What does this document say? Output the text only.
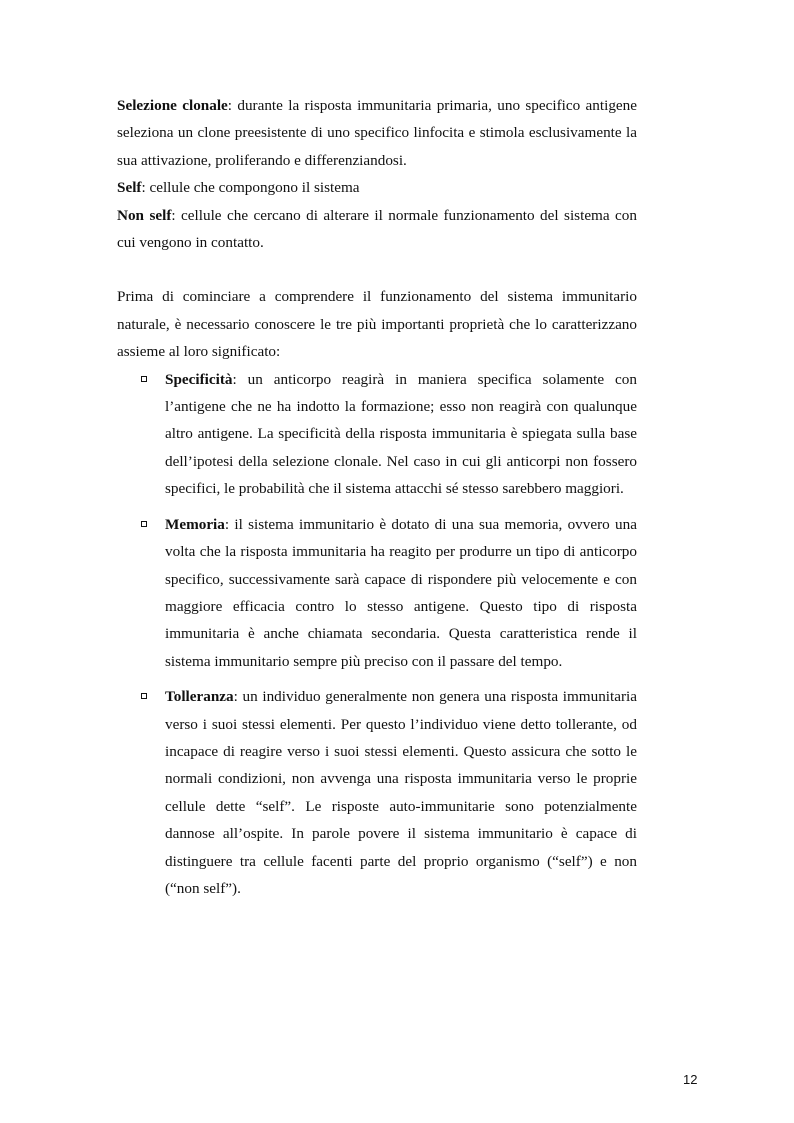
Selezione clonale: durante la risposta immunitaria primaria, uno specifico antigene seleziona un clone preesistente di uno specifico linfocita e stimola esclusivamente la sua attivazione, proliferando e differenziandosi.

Self: cellule che compongono il sistema

Non self: cellule che cercano di alterare il normale funzionamento del sistema con cui vengono in contatto.

Prima di cominciare a comprendere il funzionamento del sistema immunitario naturale, è necessario conoscere le tre più importanti proprietà che lo caratterizzano assieme al loro significato:

Specificità: un anticorpo reagirà in maniera specifica solamente con l’antigene che ne ha indotto la formazione; esso non reagirà con qualunque altro antigene. La specificità della risposta immunitaria è spiegata sulla base dell’ipotesi della selezione clonale. Nel caso in cui gli anticorpi non fossero specifici, le probabilità che il sistema attacchi sé stesso sarebbero maggiori.
Memoria: il sistema immunitario è dotato di una sua memoria, ovvero una volta che la risposta immunitaria ha reagito per produrre un tipo di anticorpo specifico, successivamente sarà capace di rispondere più velocemente e con maggiore efficacia contro lo stesso antigene. Questo tipo di risposta immunitaria è anche chiamata secondaria. Questa caratteristica rende il sistema immunitario sempre più preciso con il passare del tempo.
Tolleranza: un individuo generalmente non genera una risposta immunitaria verso i suoi stessi elementi. Per questo l’individuo viene detto tollerante, od incapace di reagire verso i suoi stessi elementi. Questo assicura che sotto le normali condizioni, non avvenga una risposta immunitaria verso le proprie cellule dette “self”. Le risposte auto-immunitarie sono potenzialmente dannose all’ospite. In parole povere il sistema immunitario è capace di distinguere tra cellule facenti parte del proprio organismo (“self”) e non (“non self”).
12
